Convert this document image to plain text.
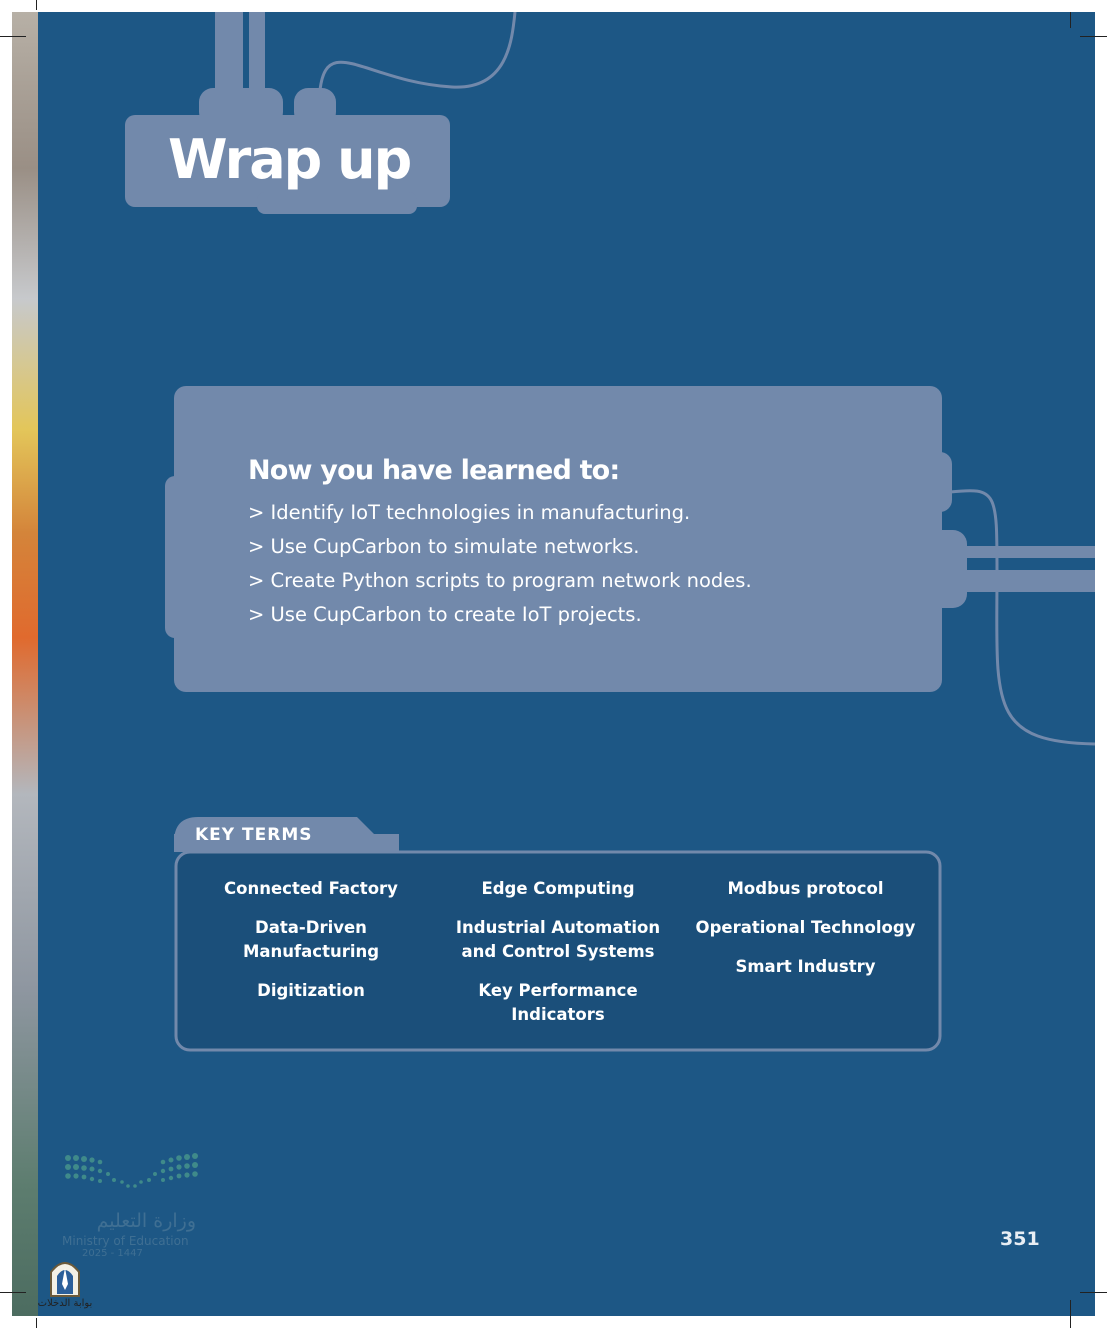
Wrap up
Now you have learned to:
> Identify IoT technologies in manufacturing.
> Use CupCarbon to simulate networks.
> Create Python scripts to program network nodes.
> Use CupCarbon to create IoT projects.
KEY TERMS
Connected Factory
Data-Driven Manufacturing
Digitization
Edge Computing
Industrial Automation and Control Systems
Key Performance Indicators
Modbus protocol
Operational Technology
Smart Industry
وزارة التعليم
Ministry of Education
2025 - 1447
بوابة الدخلات
351
